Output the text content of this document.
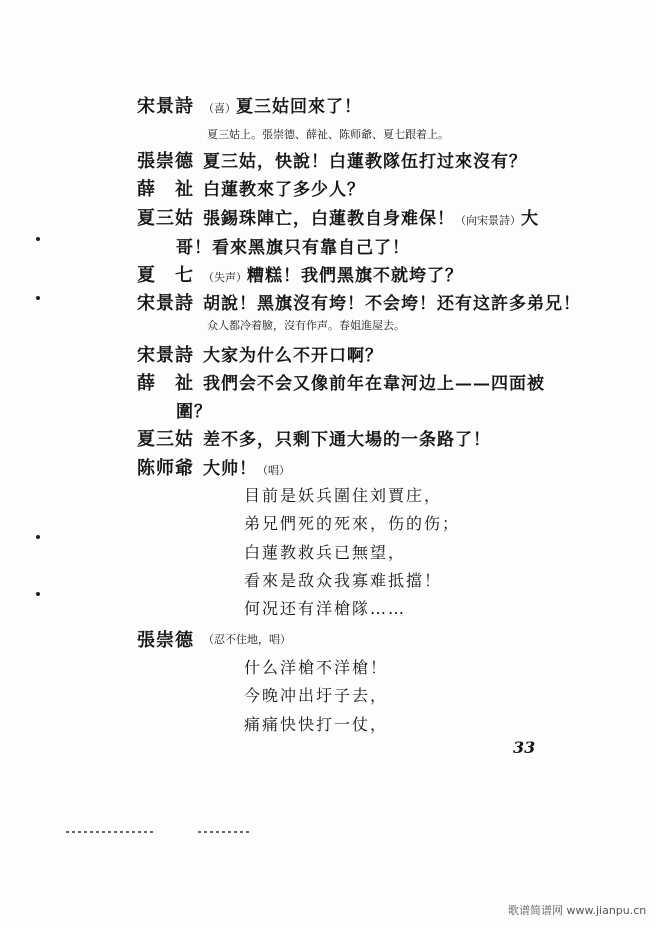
宋景詩 （喜）夏三姑回來了！
夏三姑上。張崇德、薛祉、陈师爺、夏七跟着上。
張崇德 夏三姑，快說！白蓮教隊伍打过來沒有？
薛　祉 白蓮教來了多少人？
夏三姑 張錫珠陣亡，白蓮教自身难保！（向宋景詩）大
哥！看來黑旗只有靠自己了！
夏　七 （失声）糟糕！我們黑旗不就垮了？
宋景詩 胡說！黑旗沒有垮！不会垮！还有这許多弟兄！
众人都冷着臉，沒有作声。春姐進屋去。
宋景詩 大家为什么不开口啊？
薛　祉 我們会不会又像前年在韋河边上——四面被
圍？
夏三姑 差不多，只剩下通大場的一条路了！
陈师爺 大帅！（唱）
目前是妖兵圍住刘賈庄，
弟兄們死的死來，伤的伤；
白蓮教救兵已無望，
看來是敌众我寡难抵擋！
何况还有洋槍隊……
張崇德 （忍不住地，唱）
什么洋槍不洋槍！
今晚冲出圩子去，
痛痛快快打一仗，
33
歌谱简谱网 www.jianpu.cn
